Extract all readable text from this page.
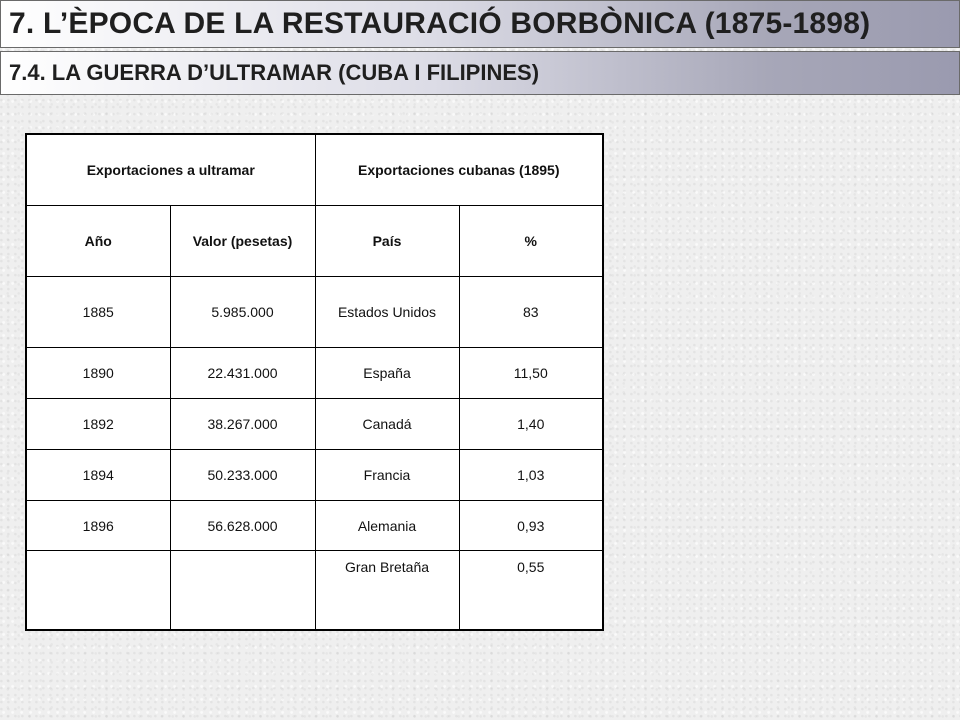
7. L’ÈPOCA DE LA RESTAURACIÓ BORBÒNICA (1875-1898)
7.4. LA GUERRA D’ULTRAMAR (CUBA I FILIPINES)
Exportaciones a ultramar		Exportaciones cubanas (1895)	
Año	Valor (pesetas)	País	%
1885	5.985.000	Estados Unidos	83
1890	22.431.000	España	11,50
1892	38.267.000	Canadá	1,40
1894	50.233.000	Francia	1,03
1896	56.628.000	Alemania	0,93
		Gran Bretaña	0,55
